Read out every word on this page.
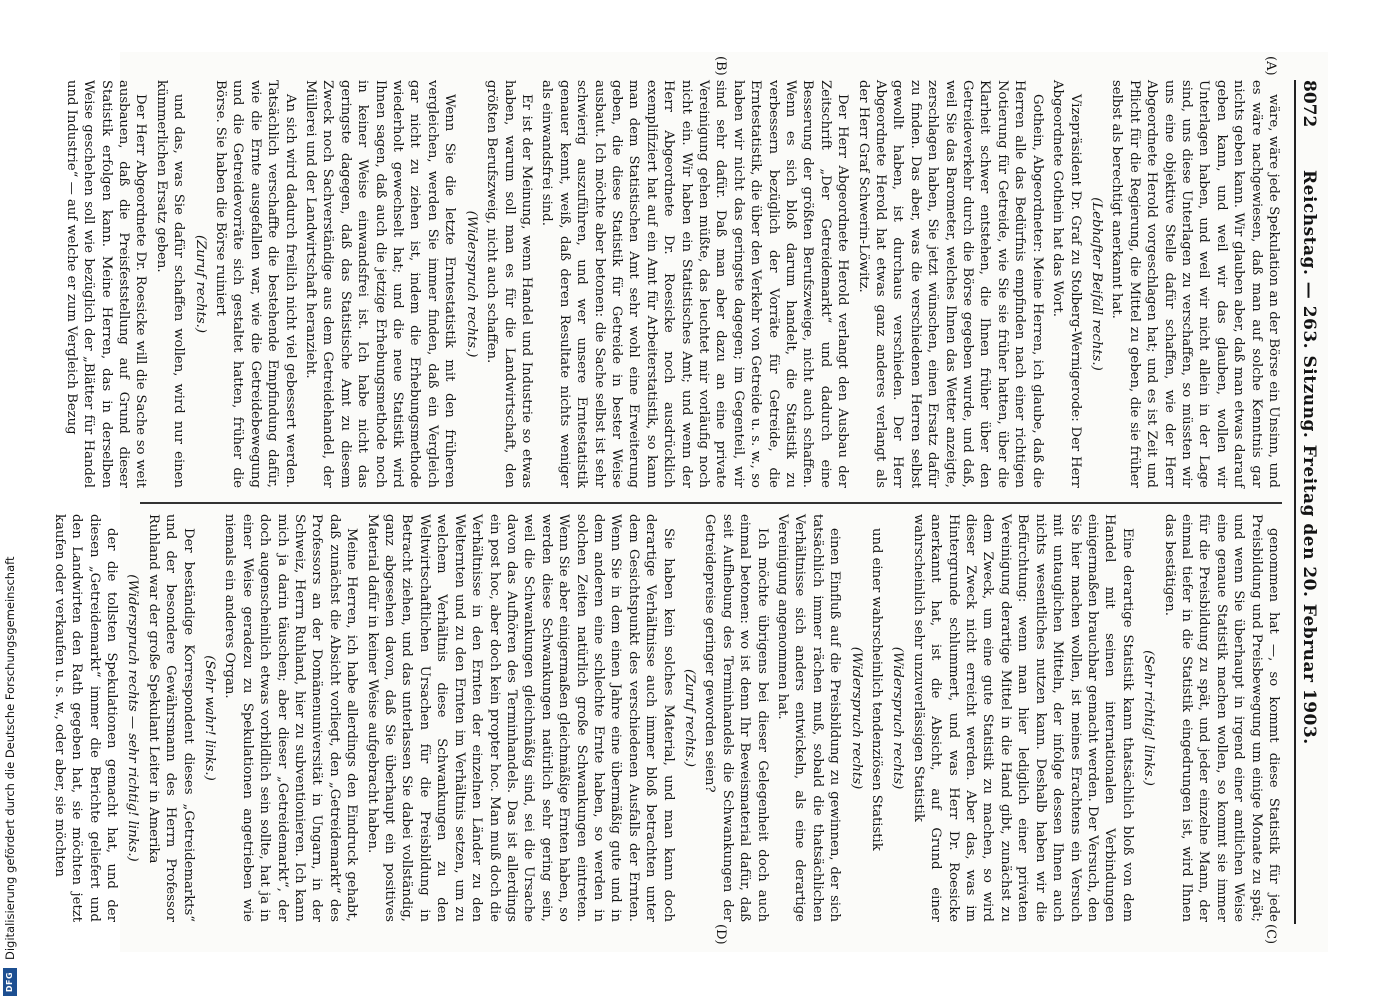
8072
Reichstag. — 263. Sitzung. Freitag den 20. Februar 1903.
(A)
(B)
(C)
(D)

wäre, wäre jede Spekulation an der Börse ein Unsinn, und es wäre nachgewiesen, daß man auf solche Kenntnis gar nichts geben kann. Wir glauben aber, daß man etwas darauf geben kann, und weil wir das glauben, wollen wir Unterlagen haben, und weil wir nicht allein in der Lage sind, uns diese Unterlagen zu verschaffen, so müssten wir uns eine objektive Stelle dafür schaffen, wie der Herr Abgeordnete Herold vorgeschlagen hat; und es ist Zeit und Pflicht für die Regierung, die Mittel zu geben, die sie früher selbst als berechtigt anerkannt hat.

(Lebhafter Beifall rechts.)

Vizepräsident Dr. Graf zu Stolberg-Wernigerode: Der Herr Abgeordnete Gothein hat das Wort.

Gothein, Abgeordneter: Meine Herren, ich glaube, daß die Herren alle das Bedürfnis empfinden nach einer richtigen Notierung für Getreide, wie Sie sie früher hatten, über die Klarheit schwer entstehen, die Ihnen früher über den Getreideverkehr durch die Börse gegeben wurde, und daß, weil Sie das Barometer, welches Ihnen das Wetter anzeigte, zerschlagen haben, Sie jetzt wünschen, einen Ersatz dafür zu finden. Das aber, was die verschiedenen Herren selbst gewollt haben, ist durchaus verschieden. Der Herr Abgeordnete Herold hat etwas ganz anderes verlangt als der Herr Graf Schwerin-Löwitz.

Der Herr Abgeordnete Herold verlangt den Ausbau der Zeitschrift „Der Getreidemarkt“ und dadurch eine Besserung der größten Berufszweige, nicht auch schaffen. Wenn es sich bloß darum handelt, die Statistik zu verbessern bezüglich der Vorräte für Getreide, die Erntestatistik, die über den Verkehr von Getreide u. s. w., so haben wir nicht das geringste dagegen; im Gegenteil, wir sind sehr dafür. Daß man aber dazu an eine private Vereinigung gehen müßte, das leuchtet mir vorläufig noch nicht ein. Wir haben ein Statistisches Amt; und wenn der Herr Abgeordnete Dr. Roesicke noch ausdrücklich exemplifiziert hat auf ein Amt für Arbeiterstatistik, so kann man dem Statistischen Amt sehr wohl eine Erweiterung geben, die diese Statistik für Getreide in bester Weise ausbaut. Ich möchte aber betonen: die Sache selbst ist sehr schwierig auszuführen, und wer unsere Erntestatistik genauer kennt, weiß, daß deren Resultate nichts weniger als einwandsfrei sind.

Er ist der Meinung, wenn Handel und Industrie so etwas haben, warum soll man es für die Landwirtschaft, den größten Berufszweig, nicht auch schaffen.

(Widerspruch rechts.)

Wenn Sie die letzte Erntestatistik mit den früheren vergleichen, werden Sie immer finden, daß ein Vergleich gar nicht zu ziehen ist, indem die Erhebungsmethode wiederholt gewechselt hat; und die neue Statistik wird Ihnen sagen, daß auch die jetzige Erhebungsmethode noch in keiner Weise einwandsfrei ist. Ich habe nicht das geringste dagegen, daß das Statistische Amt zu diesem Zweck noch Sachverständige aus dem Getreidehandel, der Müllerei und der Landwirtschaft heranzieht.

An sich wird dadurch freilich nicht viel gebessert werden. Tatsächlich verschaffte die bestehende Empfindung dafür, wie die Ernte ausgefallen war, wie die Getreidebewegung und die Getreidevorräte sich gestaltet hatten, früher die Börse. Sie haben die Börse ruiniert

(Zuruf rechts.)

und das, was Sie dafür schaffen wollen, wird nur einen kümmerlichen Ersatz geben.

Der Herr Abgeordnete Dr. Roesicke will die Sache so weit ausbauen, daß die Preisfeststellung auf Grund dieser Statistik erfolgen kann. Meine Herren, das in derselben Weise geschehen soll wie bezüglich der „Blätter für Handel und Industrie“ — auf welche er zum Vergleich Bezug

genommen hat —, so kommt diese Statistik für jede Preisbildung und Preisbewegung um einige Monate zu spät; und wenn Sie überhaupt in irgend einer amtlichen Weise eine genaue Statistik machen wollen, so kommt sie immer für die Preisbildung zu spät, und jeder einzelne Mann, der einmal tiefer in die Statistik eingedrungen ist, wird Ihnen das bestätigen.

(Sehr richtig! links.)

Eine derartige Statistik kann thatsächlich bloß von dem Handel mit seinen internationalen Verbindungen einigermaßen brauchbar gemacht werden. Der Versuch, den Sie hier machen wollen, ist meines Erachtens ein Versuch mit untauglichen Mitteln, der infolge dessen Ihnen auch nichts wesentliches nutzen kann. Deshalb haben wir die Befürchtung: wenn man hier lediglich einer privaten Vereinigung derartige Mittel in die Hand gibt, zunächst zu dem Zweck, um eine gute Statistik zu machen, so wird dieser Zweck nicht erreicht werden. Aber das, was im Hintergrunde schlummert, und was Herr Dr. Roesicke anerkannt hat, ist die Absicht, auf Grund einer wahrscheinlich sehr unzuverlässigen Statistik

(Widerspruch rechts)

und einer wahrscheinlich tendenziösen Statistik

(Widerspruch rechts)

einen Einfluß auf die Preisbildung zu gewinnen, der sich tatsächlich immer rächen muß, sobald die thatsächlichen Verhältnisse sich anders entwickeln, als eine derartige Vereinigung angenommen hat.

Ich möchte übrigens bei dieser Gelegenheit doch auch einmal betonen: wo ist denn Ihr Beweismaterial dafür, daß seit Aufhebung des Terminhandels die Schwankungen der Getreidepreise geringer geworden seien?

(Zuruf rechts.)

Sie haben kein solches Material, und man kann doch derartige Verhältnisse auch immer bloß betrachten unter dem Gesichtspunkt des verschiedenen Ausfalls der Ernten. Wenn Sie in dem einen Jahre eine übermäßig gute und in dem anderen eine schlechte Ernte haben, so werden in solchen Zeiten natürlich große Schwankungen eintreten. Wenn Sie aber einigermaßen gleichmäßige Ernten haben, so werden diese Schwankungen natürlich sehr gering sein, weil die Schwankungen gleichmäßig sind, sei die Ursache davon das Aufhören des Terminhandels. Das ist allerdings ein post hoc, aber doch kein propter hoc. Man muß doch die Verhältnisse in den Ernten der einzelnen Länder zu den Welternten und zu den Ernten im Verhältnis setzen, um zu welchem Verhältnis diese Schwankungen zu den Weltwirtschaftlichen Ursachen für die Preisbildung in Betracht ziehen, und das unterlassen Sie dabei vollständig, ganz abgesehen davon, daß Sie überhaupt ein positives Material dafür in keiner Weise aufgebracht haben.

Meine Herren, ich habe allerdings den Eindruck gehabt, daß zunächst die Absicht vorliegt, den „Getreidemarkt“ des Professors an der Domänenuniversität in Ungarn, in der Schweiz, Herrn Ruhland, hier zu subventionieren. Ich kann mich ja darin täuschen; aber dieser „Getreidemarkt“, der doch augenscheinlich etwas vorbildlich sein sollte, hat ja in einer Weise geradezu zu Spekulationen angetrieben wie niemals ein anderes Organ.

(Sehr wahr! links.)

Der beständige Korrespondent dieses „Getreidemarkts“ und der besondere Gewährsmann des Herrn Professor Ruhland war der große Spekulant Leiter in Amerika

(Widerspruch rechts — sehr richtig! links.)

der die tollsten Spekulationen gemacht hat, und der diesen „Getreidemarkt“ immer die Berichte geliefert und den Landwirten den Rath gegeben hat, sie möchten jetzt kaufen oder verkaufen u. s. w., oder aber, sie möchten

DFG
Digitalisierung gefördert durch die Deutsche Forschungsgemeinschaft
